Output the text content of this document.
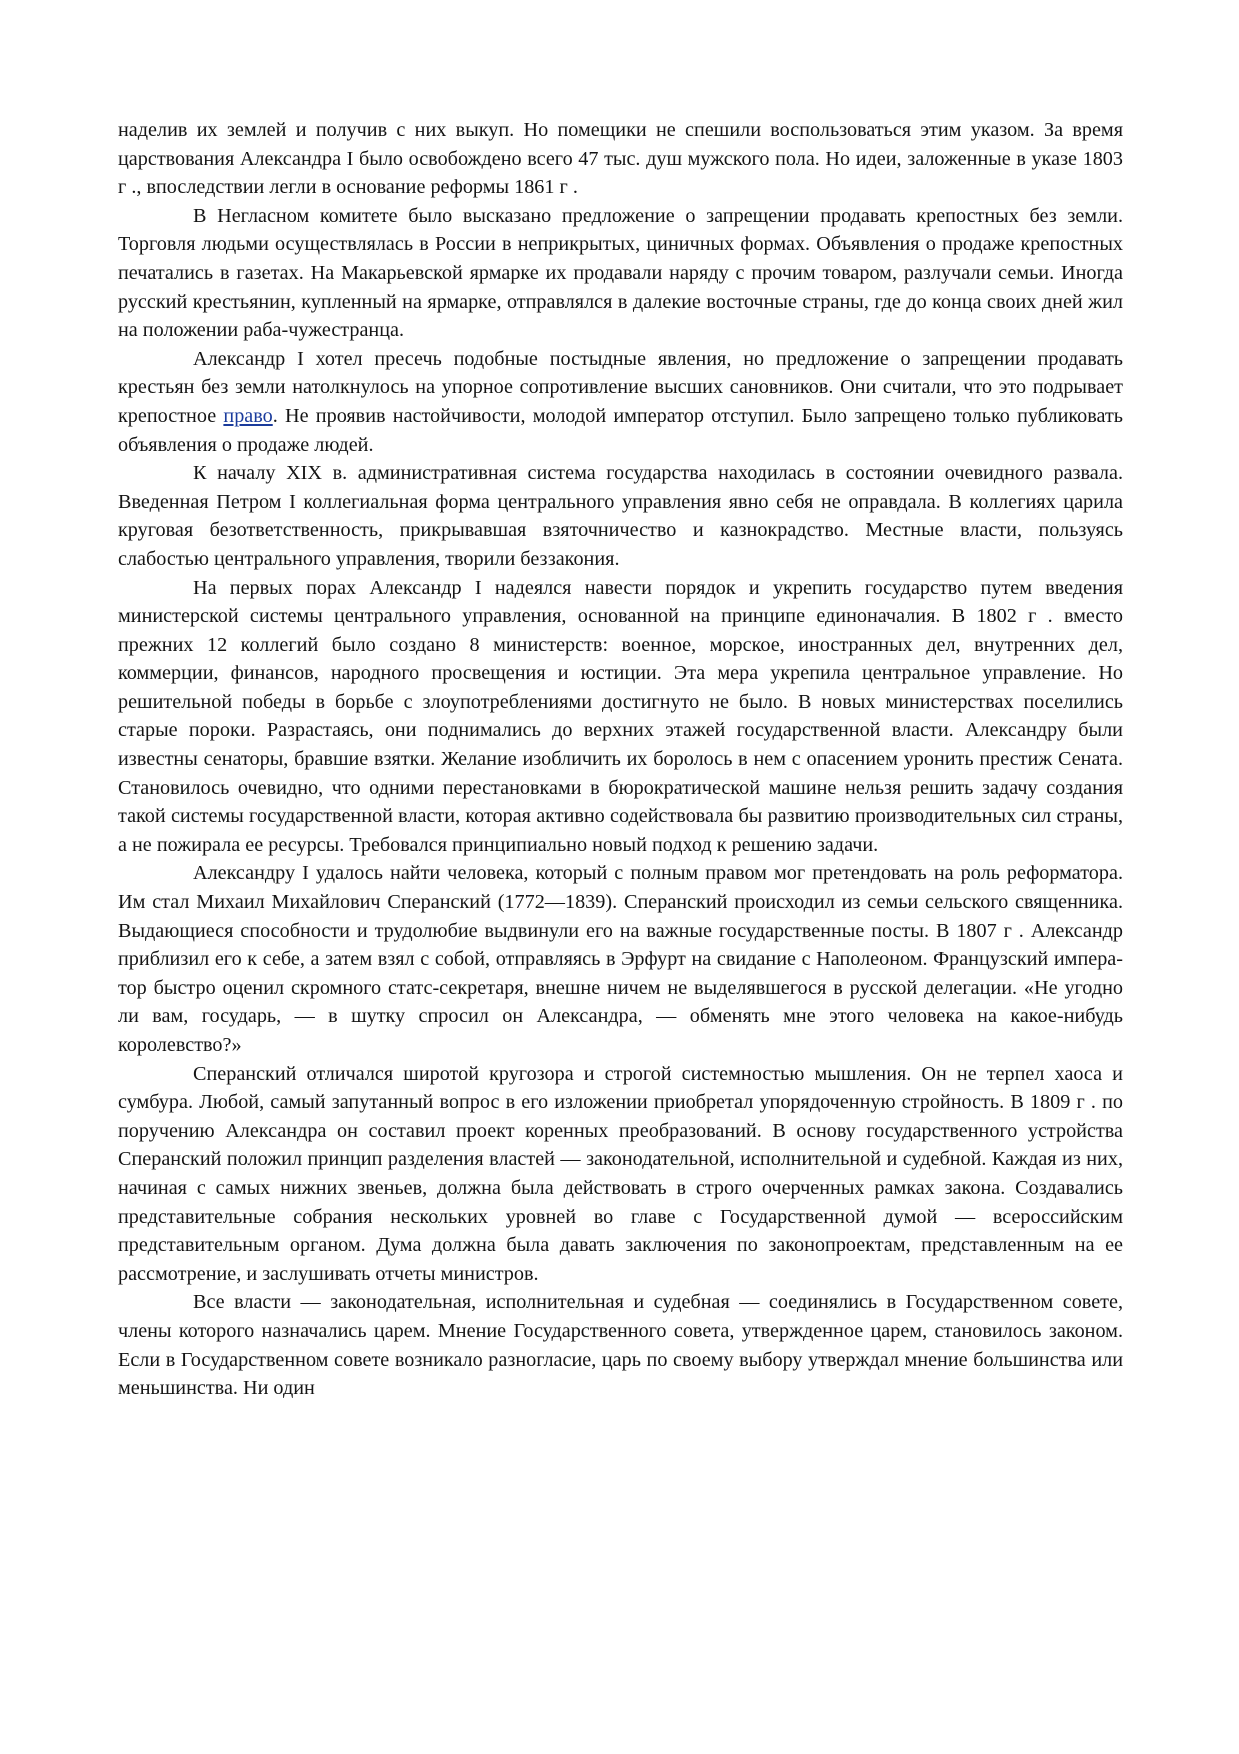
наделив их землей и получив с них выкуп. Но помещики не спешили воспользоваться этим указом. За время царствования Александра I было освобождено всего 47 тыс. душ мужского пола. Но идеи, заложенные в указе 1803 г ., впоследствии легли в основание реформы 1861 г .

В Негласном комитете было высказано предложение о запрещении продавать крепостных без земли. Торговля людьми осуществлялась в России в неприкрытых, циничных формах. Объявления о продаже крепостных печатались в газетах. На Макарьевской ярмарке их продавали наряду с прочим товаром, разлучали семьи. Иногда русский крестьянин, купленный на ярмарке, отправлялся в далекие восточные страны, где до конца своих дней жил на положении раба-чужестранца.

Александр I хотел пресечь подобные постыдные явления, но предложение о запрещении продавать крестьян без земли натолкнулось на упорное сопротивление высших сановников. Они считали, что это подрывает крепостное право. Не проявив настойчивости, молодой император отступил. Было запрещено только публиковать объявления о продаже людей.

К началу XIX в. административная система государства находилась в состоянии очевидного развала. Введенная Петром I коллегиальная форма центрального управления явно себя не оправдала. В коллегиях царила круговая безответственность, прикрывавшая взяточничество и казнокрадство. Местные власти, пользуясь слабостью центрального управления, творили беззакония.

На первых порах Александр I надеялся навести порядок и укрепить государство путем введения министерской системы центрального управления, основанной на принципе единоначалия. В 1802 г . вместо прежних 12 коллегий было создано 8 министерств: военное, морское, иностранных дел, внутренних дел, коммерции, финансов, народного просвещения и юстиции. Эта мера укрепила центральное управление. Но решительной победы в борьбе с злоупотреблениями достигнуто не было. В новых министерствах поселились старые пороки. Разрастаясь, они поднимались до верхних этажей государственной власти. Александру были известны сенаторы, бравшие взятки. Желание изобличить их боролось в нем с опасением уронить престиж Сената. Становилось очевидно, что одними перестановками в бюрократической машине нельзя решить задачу создания такой системы государственной власти, которая активно содействовала бы развитию производительных сил страны, а не пожирала ее ресурсы. Требовался принципиально новый подход к решению задачи.

Александру I удалось найти человека, который с полным правом мог претендовать на роль реформатора. Им стал Михаил Михайлович Сперанский (1772—1839). Сперанский происходил из семьи сельского священника. Выдающиеся способности и трудолюбие выдвинули его на важные государственные посты. В 1807 г . Александр приблизил его к себе, а затем взял с собой, отправляясь в Эрфурт на свидание с Наполеоном. Французский император быстро оценил скромного статс-секретаря, внешне ничем не выделявшегося в русской делегации. «Не угодно ли вам, государь, — в шутку спросил он Александра, — обменять мне этого человека на какое-нибудь королевство?»

Сперанский отличался широтой кругозора и строгой системностью мышления. Он не терпел хаоса и сумбура. Любой, самый запутанный вопрос в его изложении приобретал упорядоченную стройность. В 1809 г . по поручению Александра он составил проект коренных преобразований. В основу государственного устройства Сперанский положил принцип разделения властей — законодательной, исполнительной и судебной. Каждая из них, начиная с самых нижних звеньев, должна была действовать в строго очерченных рамках закона. Создавались представительные собрания нескольких уровней во главе с Государственной думой — всероссийским представительным органом. Дума должна была давать заключения по законопроектам, представленным на ее рассмотрение, и заслушивать отчеты министров.

Все власти — законодательная, исполнительная и судебная — соединялись в Государственном совете, члены которого назначались царем. Мнение Государственного совета, утвержденное царем, становилось законом. Если в Государственном совете возникало разногласие, царь по своему выбору утверждал мнение большинства или меньшинства. Ни один
